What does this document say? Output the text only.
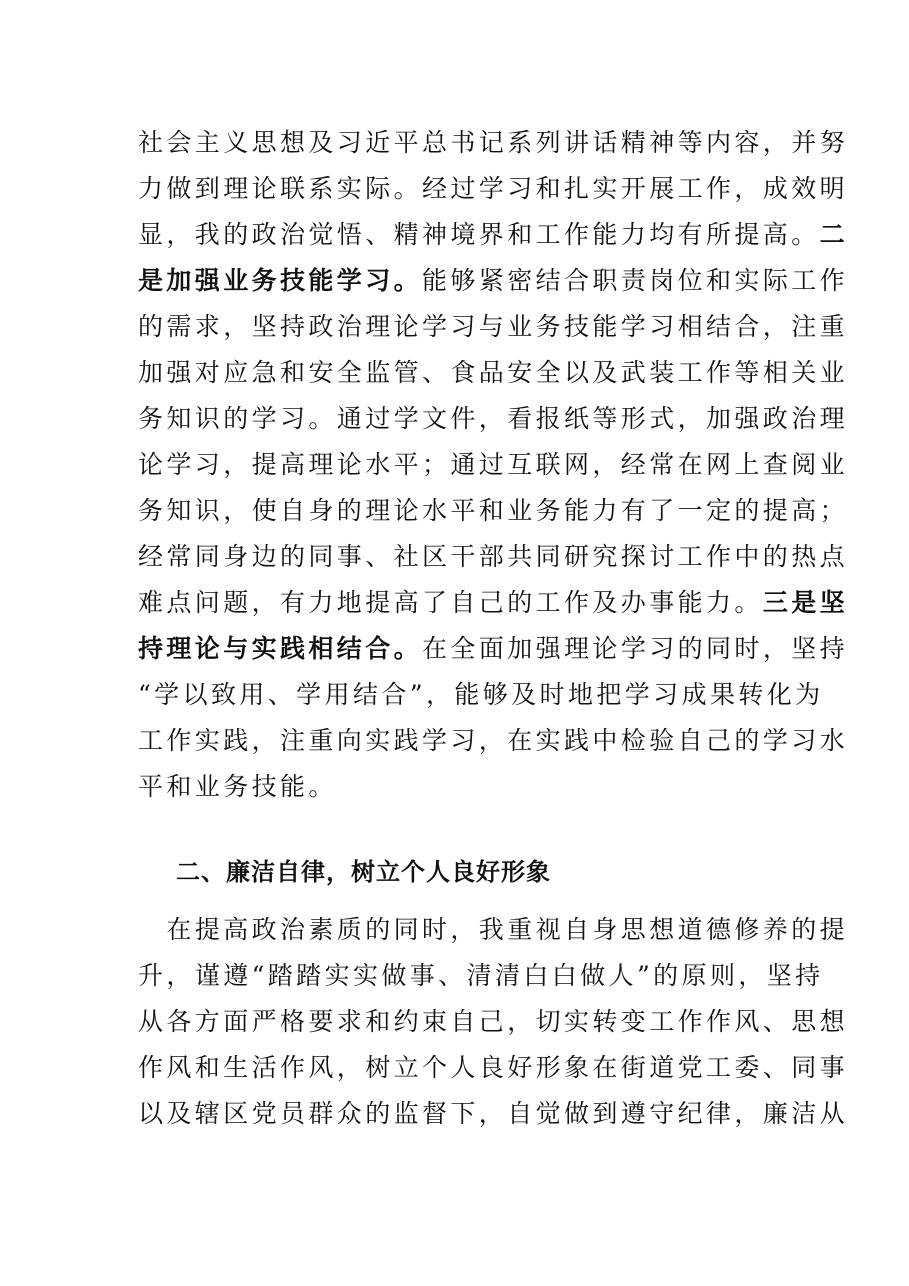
社会主义思想及习近平总书记系列讲话精神等内容，并努
力做到理论联系实际。经过学习和扎实开展工作，成效明
显，我的政治觉悟、精神境界和工作能力均有所提高。二
是加强业务技能学习。能够紧密结合职责岗位和实际工作
的需求，坚持政治理论学习与业务技能学习相结合，注重
加强对应急和安全监管、食品安全以及武装工作等相关业
务知识的学习。通过学文件，看报纸等形式，加强政治理
论学习，提高理论水平；通过互联网，经常在网上查阅业
务知识，使自身的理论水平和业务能力有了一定的提高；
经常同身边的同事、社区干部共同研究探讨工作中的热点
难点问题，有力地提高了自己的工作及办事能力。三是坚
持理论与实践相结合。在全面加强理论学习的同时，坚持
“学以致用、学用结合”，能够及时地把学习成果转化为
工作实践，注重向实践学习，在实践中检验自己的学习水
平和业务技能。
二、廉洁自律，树立个人良好形象
　在提高政治素质的同时，我重视自身思想道德修养的提
升，谨遵“踏踏实实做事、清清白白做人”的原则，坚持
从各方面严格要求和约束自己，切实转变工作作风、思想
作风和生活作风，树立个人良好形象在街道党工委、同事
以及辖区党员群众的监督下，自觉做到遵守纪律，廉洁从
